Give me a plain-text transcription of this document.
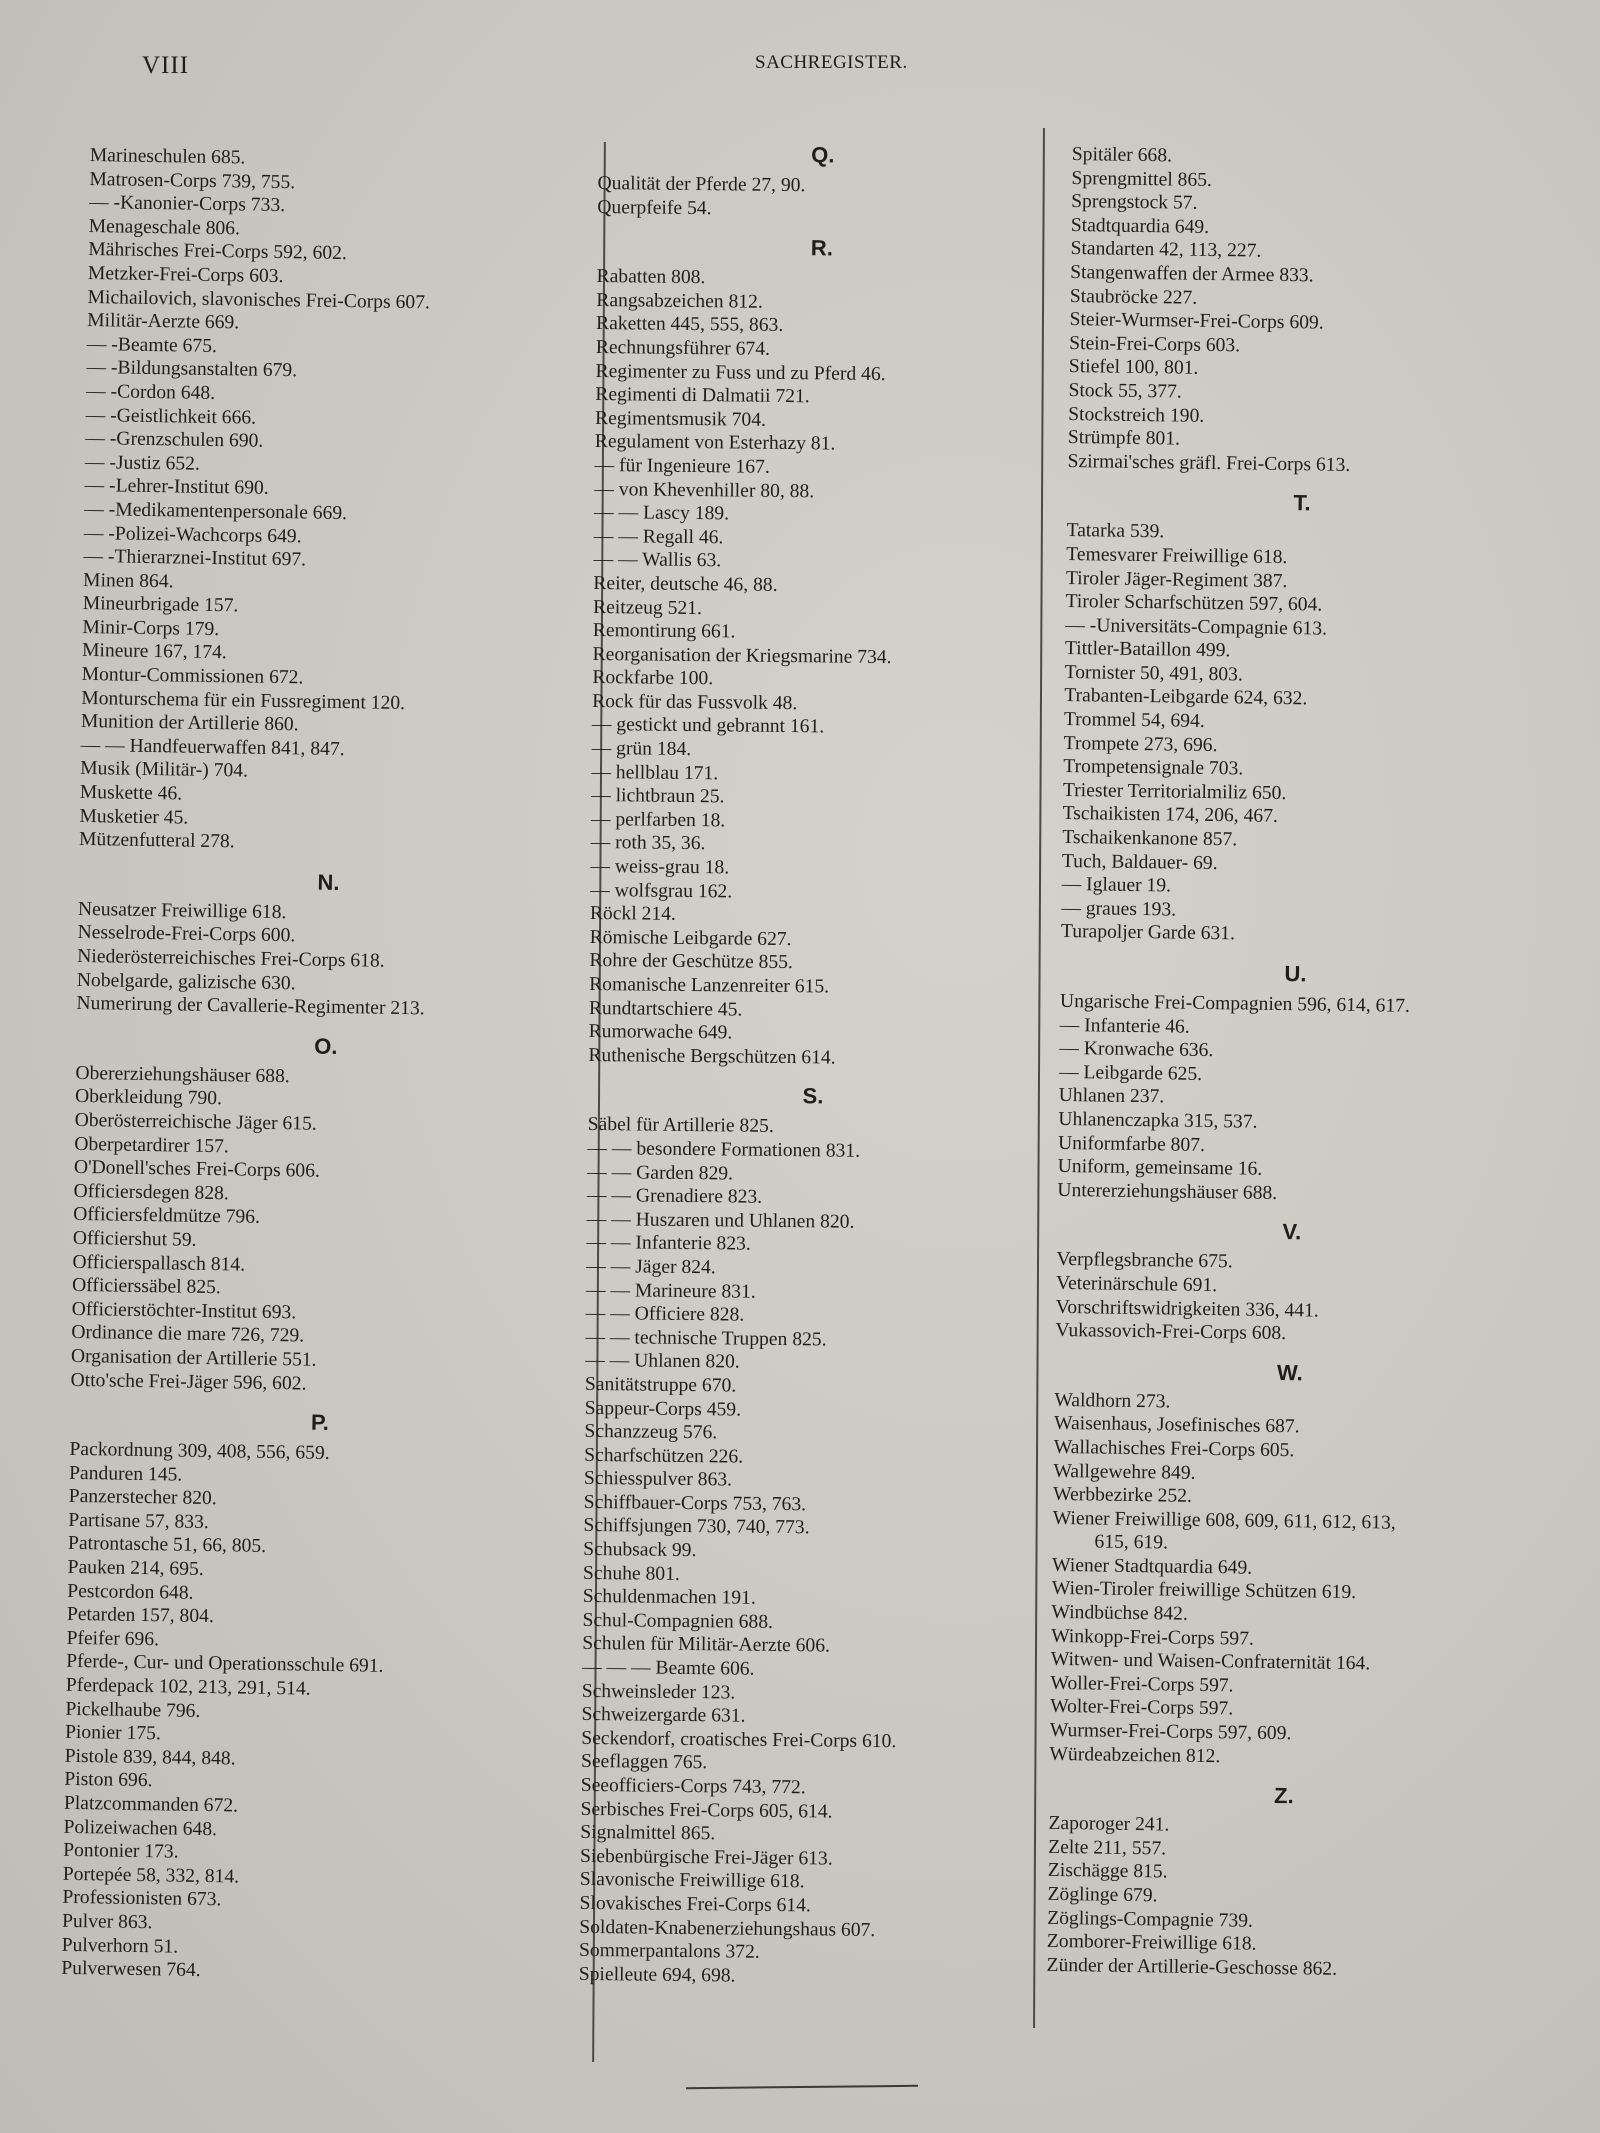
VIII	SACHREGISTER.
Marineschulen 685.
Matrosen-Corps 739, 755.
— -Kanonier-Corps 733.
Menageschale 806.
Mährisches Frei-Corps 592, 602.
Metzker-Frei-Corps 603.
Michailovich, slavonisches Frei-Corps 607.
Militär-Aerzte 669.
— -Beamte 675.
— -Bildungsanstalten 679.
— -Cordon 648.
— -Geistlichkeit 666.
— -Grenzschulen 690.
— -Justiz 652.
— -Lehrer-Institut 690.
— -Medikamentenpersonale 669.
— -Polizei-Wachcorps 649.
— -Thierarznei-Institut 697.
Minen 864.
Mineurbrigade 157.
Minir-Corps 179.
Mineure 167, 174.
Montur-Commissionen 672.
Monturschema für ein Fussregiment 120.
Munition der Artillerie 860.
— — Handfeuerwaffen 841, 847.
Musik (Militär-) 704.
Muskette 46.
Musketier 45.
Mützenfutteral 278.
N.
Neusatzer Freiwillige 618.
Nesselrode-Frei-Corps 600.
Niederösterreichisches Frei-Corps 618.
Nobelgarde, galizische 630.
Numerirung der Cavallerie-Regimenter 213.
O.
Obererziehungshäuser 688.
Oberkleidung 790.
Oberösterreichische Jäger 615.
Oberpetardirer 157.
O'Donell'sches Frei-Corps 606.
Officiersdegen 828.
Officiersfeldmütze 796.
Officiershut 59.
Officierspallasch 814.
Officierssäbel 825.
Officierstöchter-Institut 693.
Ordinance die mare 726, 729.
Organisation der Artillerie 551.
Otto'sche Frei-Jäger 596, 602.
P.
Packordnung 309, 408, 556, 659.
Panduren 145.
Panzerstecher 820.
Partisane 57, 833.
Patrontasche 51, 66, 805.
Pauken 214, 695.
Pestcordon 648.
Petarden 157, 804.
Pfeifer 696.
Pferde-, Cur- und Operationsschule 691.
Pferdepack 102, 213, 291, 514.
Pickelhaube 796.
Pionier 175.
Pistole 839, 844, 848.
Piston 696.
Platzcommanden 672.
Polizeiwachen 648.
Pontonier 173.
Portepée 58, 332, 814.
Professionisten 673.
Pulver 863.
Pulverhorn 51.
Pulverwesen 764.
Q.
Qualität der Pferde 27, 90.
Querpfeife 54.
R.
Rabatten 808.
Rangsabzeichen 812.
Raketten 445, 555, 863.
Rechnungsführer 674.
Regimenter zu Fuss und zu Pferd 46.
Regimenti di Dalmatii 721.
Regimentsmusik 704.
Regulament von Esterhazy 81.
— für Ingenieure 167.
— von Khevenhiller 80, 88.
— — Lascy 189.
— — Regall 46.
— — Wallis 63.
Reiter, deutsche 46, 88.
Reitzeug 521.
Remontirung 661.
Reorganisation der Kriegsmarine 734.
Rockfarbe 100.
Rock für das Fussvolk 48.
— gestickt und gebrannt 161.
— grün 184.
— hellblau 171.
— lichtbraun 25.
— perlfarben 18.
— roth 35, 36.
— weiss-grau 18.
— wolfsgrau 162.
Röckl 214.
Römische Leibgarde 627.
Rohre der Geschütze 855.
Romanische Lanzenreiter 615.
Rundtartschiere 45.
Rumorwache 649.
Ruthenische Bergschützen 614.
S.
Säbel für Artillerie 825.
— — besondere Formationen 831.
— — Garden 829.
— — Grenadiere 823.
— — Huszaren und Uhlanen 820.
— — Infanterie 823.
— — Jäger 824.
— — Marineure 831.
— — Officiere 828.
— — technische Truppen 825.
— — Uhlanen 820.
Sanitätstruppe 670.
Sappeur-Corps 459.
Schanzzeug 576.
Scharfschützen 226.
Schiesspulver 863.
Schiffbauer-Corps 753, 763.
Schiffsjungen 730, 740, 773.
Schubsack 99.
Schuhe 801.
Schuldenmachen 191.
Schul-Compagnien 688.
Schulen für Militär-Aerzte 606.
— — — Beamte 606.
Schweinsleder 123.
Schweizergarde 631.
Seckendorf, croatisches Frei-Corps 610.
Seeflaggen 765.
Seeofficiers-Corps 743, 772.
Serbisches Frei-Corps 605, 614.
Signalmittel 865.
Siebenbürgische Frei-Jäger 613.
Slavonische Freiwillige 618.
Slovakisches Frei-Corps 614.
Soldaten-Knabenerziehungshaus 607.
Sommerpantalons 372.
Spielleute 694, 698.
Spitäler 668.
Sprengmittel 865.
Sprengstock 57.
Stadtquardia 649.
Standarten 42, 113, 227.
Stangenwaffen der Armee 833.
Staubröcke 227.
Steier-Wurmser-Frei-Corps 609.
Stein-Frei-Corps 603.
Stiefel 100, 801.
Stock 55, 377.
Stockstreich 190.
Strümpfe 801.
Szirmai'sches gräfl. Frei-Corps 613.
T.
Tatarka 539.
Temesvarer Freiwillige 618.
Tiroler Jäger-Regiment 387.
Tiroler Scharfschützen 597, 604.
— -Universitäts-Compagnie 613.
Tittler-Bataillon 499.
Tornister 50, 491, 803.
Trabanten-Leibgarde 624, 632.
Trommel 54, 694.
Trompete 273, 696.
Trompetensignale 703.
Triester Territorialmiliz 650.
Tschaikisten 174, 206, 467.
Tschaikenkanone 857.
Tuch, Baldauer- 69.
— Iglauer 19.
— graues 193.
Turapoljer Garde 631.
U.
Ungarische Frei-Compagnien 596, 614, 617.
— Infanterie 46.
— Kronwache 636.
— Leibgarde 625.
Uhlanen 237.
Uhlanenczapka 315, 537.
Uniformfarbe 807.
Uniform, gemeinsame 16.
Untererziehungshäuser 688.
V.
Verpflegsbranche 675.
Veterinärschule 691.
Vorschriftswidrigkeiten 336, 441.
Vukassovich-Frei-Corps 608.
W.
Waldhorn 273.
Waisenhaus, Josefinisches 687.
Wallachisches Frei-Corps 605.
Wallgewehre 849.
Werbbezirke 252.
Wiener Freiwillige 608, 609, 611, 612, 613,
615, 619.
Wiener Stadtquardia 649.
Wien-Tiroler freiwillige Schützen 619.
Windbüchse 842.
Winkopp-Frei-Corps 597.
Witwen- und Waisen-Confraternität 164.
Woller-Frei-Corps 597.
Wolter-Frei-Corps 597.
Wurmser-Frei-Corps 597, 609.
Würdeabzeichen 812.
Z.
Zaporoger 241.
Zelte 211, 557.
Zischägge 815.
Zöglinge 679.
Zöglings-Compagnie 739.
Zomborer-Freiwillige 618.
Zünder der Artillerie-Geschosse 862.
